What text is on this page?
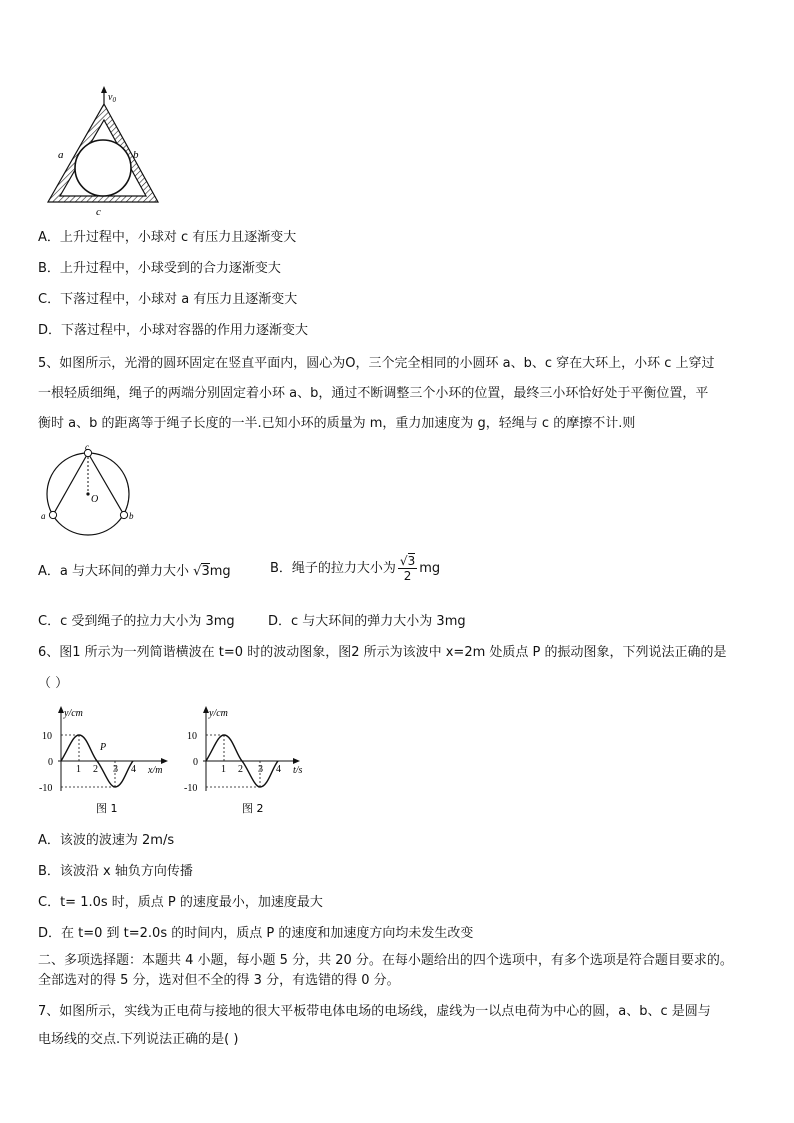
$v_0$
a	b
c
A．上升过程中，小球对 c 有压力且逐渐变大
B．上升过程中，小球受到的合力逐渐变大
C．下落过程中，小球对 a 有压力且逐渐变大
D．下落过程中，小球对容器的作用力逐渐变大
5、如图所示，光滑的圆环固定在竖直平面内，圆心为O，三个完全相同的小圆环 a、b、c 穿在大环上，小环 c 上穿过
一根轻质细绳，绳子的两端分别固定着小环 a、b，通过不断调整三个小环的位置，最终三小环恰好处于平衡位置，平
衡时 a、b 的距离等于绳子长度的一半.已知小环的质量为 m，重力加速度为 g，轻绳与 c 的摩擦不计.则
c
O
a	b
A．a 与大环间的弹力大小 √3mg	B．绳子的拉力大小为 $\frac{√3}{2}$ mg
C．c 受到绳子的拉力大小为 3mg	D．c 与大环间的弹力大小为 3mg
6、图1 所示为一列简谐横波在 t=0 时的波动图象，图2 所示为该波中 x=2m 处质点 P 的振动图象，下列说法正确的是
（ ）
y/cm
10
0
-10
1 2 3 4 x/m
P
图 1
y/cm
10
0
-10
1 2 3 4 t/s
图 2
A．该波的波速为 2m/s
B．该波沿 x 轴负方向传播
C．t= 1.0s 时，质点 P 的速度最小，加速度最大
D．在 t=0 到 t=2.0s 的时间内，质点 P 的速度和加速度方向均未发生改变
二、多项选择题：本题共 4 小题，每小题 5 分，共 20 分。在每小题给出的四个选项中，有多个选项是符合题目要求的。
全部选对的得 5 分，选对但不全的得 3 分，有选错的得 0 分。
7、如图所示，实线为正电荷与接地的很大平板带电体电场的电场线，虚线为一以点电荷为中心的圆，a、b、c 是圆与
电场线的交点.下列说法正确的是( )
